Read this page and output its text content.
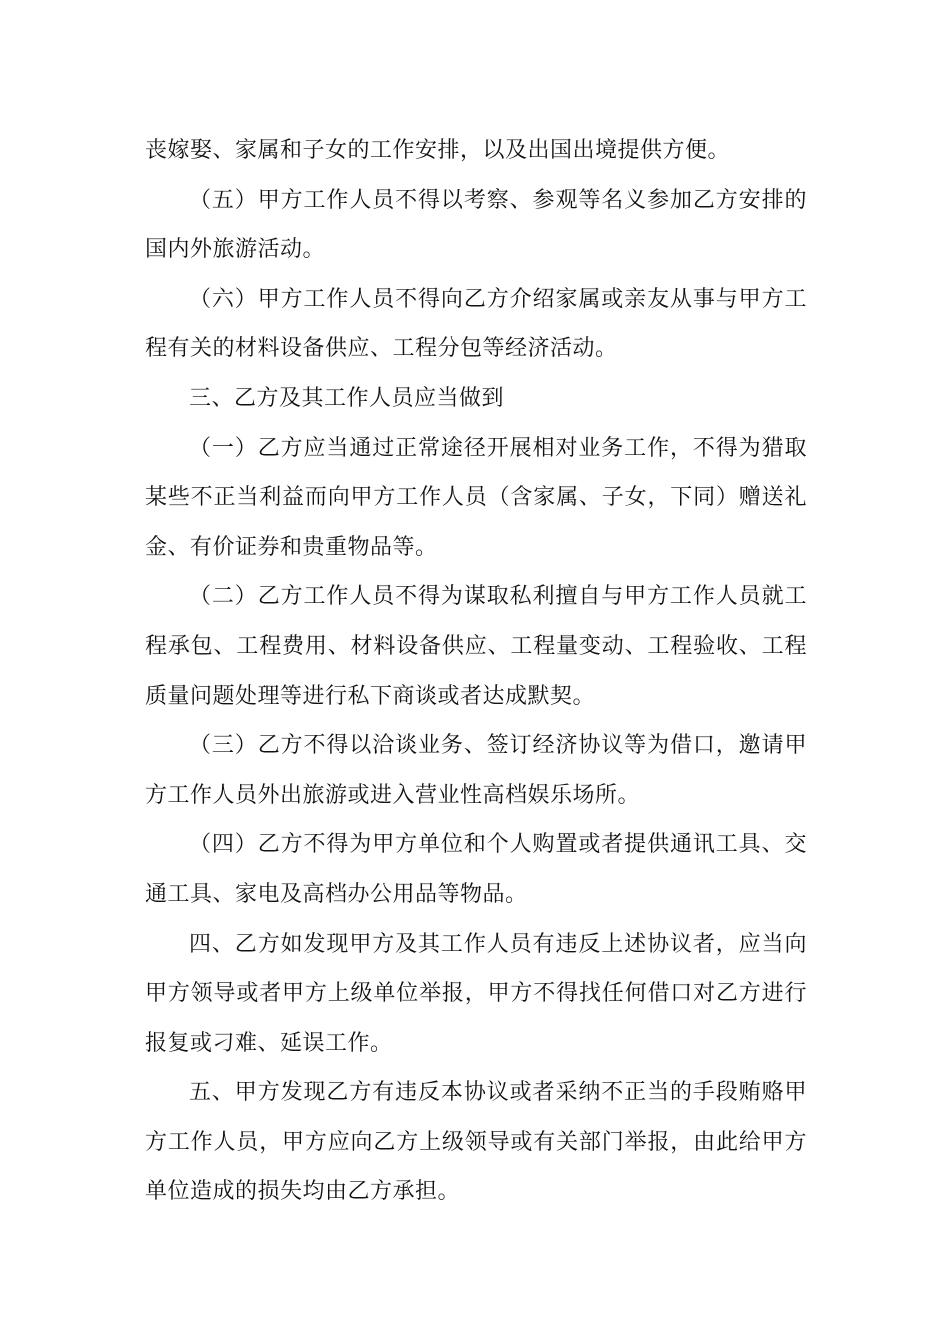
丧嫁娶、家属和子女的工作安排，以及出国出境提供方便。

（五）甲方工作人员不得以考察、参观等名义参加乙方安排的国内外旅游活动。

（六）甲方工作人员不得向乙方介绍家属或亲友从事与甲方工程有关的材料设备供应、工程分包等经济活动。

三、乙方及其工作人员应当做到

（一）乙方应当通过正常途径开展相对业务工作，不得为猎取某些不正当利益而向甲方工作人员（含家属、子女，下同）赠送礼金、有价证券和贵重物品等。

（二）乙方工作人员不得为谋取私利擅自与甲方工作人员就工程承包、工程费用、材料设备供应、工程量变动、工程验收、工程质量问题处理等进行私下商谈或者达成默契。

（三）乙方不得以洽谈业务、签订经济协议等为借口，邀请甲方工作人员外出旅游或进入营业性高档娱乐场所。

（四）乙方不得为甲方单位和个人购置或者提供通讯工具、交通工具、家电及高档办公用品等物品。

四、乙方如发现甲方及其工作人员有违反上述协议者，应当向甲方领导或者甲方上级单位举报，甲方不得找任何借口对乙方进行报复或刁难、延误工作。

五、甲方发现乙方有违反本协议或者采纳不正当的手段贿赂甲方工作人员，甲方应向乙方上级领导或有关部门举报，由此给甲方单位造成的损失均由乙方承担。
